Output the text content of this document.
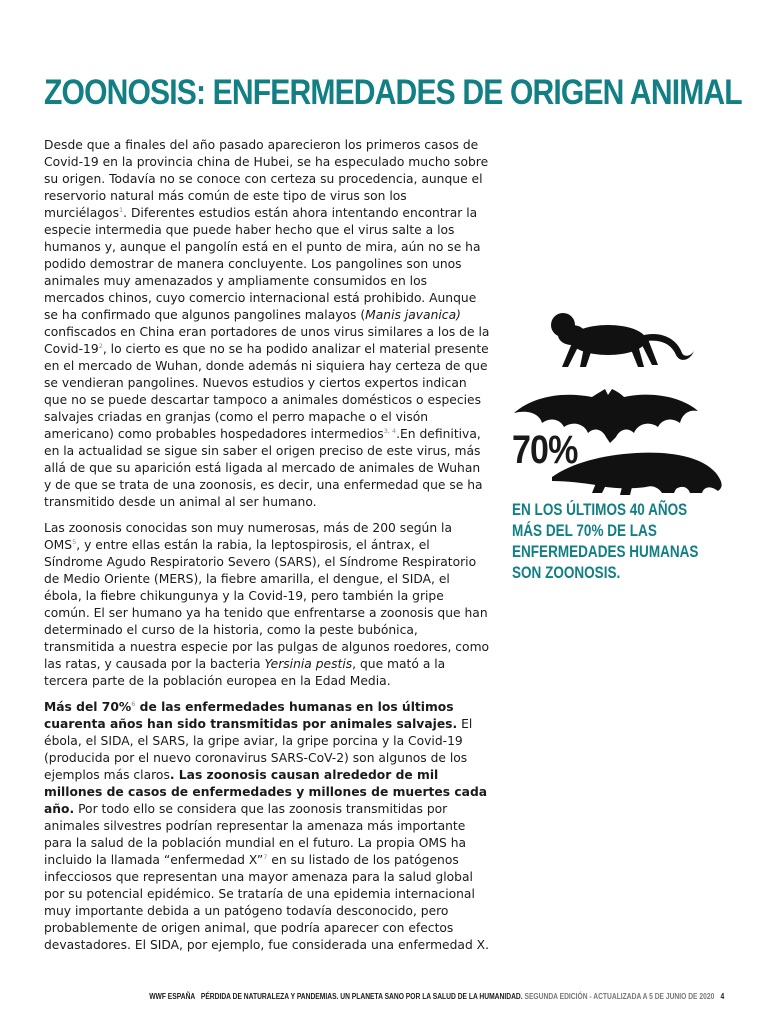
ZOONOSIS: ENFERMEDADES DE ORIGEN ANIMAL

Desde que a finales del año pasado aparecieron los primeros casos de Covid-19 en la provincia china de Hubei, se ha especulado mucho sobre su origen. Todavía no se conoce con certeza su procedencia, aunque el reservorio natural más común de este tipo de virus son los murciélagos$^1$. Diferentes estudios están ahora intentando encontrar la especie intermedia que puede haber hecho que el virus salte a los humanos y, aunque el pangolín está en el punto de mira, aún no se ha podido demostrar de manera concluyente. Los pangolines son unos animales muy amenazados y ampliamente consumidos en los mercados chinos, cuyo comercio internacional está prohibido. Aunque se ha confirmado que algunos pangolines malayos (Manis javanica) confiscados en China eran portadores de unos virus similares a los de la Covid-19$^2$, lo cierto es que no se ha podido analizar el material presente en el mercado de Wuhan, donde además ni siquiera hay certeza de que se vendieran pangolines. Nuevos estudios y ciertos expertos indican que no se puede descartar tampoco a animales domésticos o especies salvajes criadas en granjas (como el perro mapache o el visón americano) como probables hospedadores intermedios$^{3, 4}$.En definitiva, en la actualidad se sigue sin saber el origen preciso de este virus, más allá de que su aparición está ligada al mercado de animales de Wuhan y de que se trata de una zoonosis, es decir, una enfermedad que se ha transmitido desde un animal al ser humano.

Las zoonosis conocidas son muy numerosas, más de 200 según la OMS$^5$, y entre ellas están la rabia, la leptospirosis, el ántrax, el Síndrome Agudo Respiratorio Severo (SARS), el Síndrome Respiratorio de Medio Oriente (MERS), la fiebre amarilla, el dengue, el SIDA, el ébola, la fiebre chikungunya y la Covid-19, pero también la gripe común. El ser humano ya ha tenido que enfrentarse a zoonosis que han determinado el curso de la historia, como la peste bubónica, transmitida a nuestra especie por las pulgas de algunos roedores, como las ratas, y causada por la bacteria Yersinia pestis, que mató a la tercera parte de la población europea en la Edad Media.

Más del 70%$^6$ de las enfermedades humanas en los últimos cuarenta años han sido transmitidas por animales salvajes. El ébola, el SIDA, el SARS, la gripe aviar, la gripe porcina y la Covid-19 (producida por el nuevo coronavirus SARS-CoV-2) son algunos de los ejemplos más claros. Las zoonosis causan alrededor de mil millones de casos de enfermedades y millones de muertes cada año. Por todo ello se considera que las zoonosis transmitidas por animales silvestres podrían representar la amenaza más importante para la salud de la población mundial en el futuro. La propia OMS ha incluido la llamada “enfermedad X”$^7$ en su listado de los patógenos infecciosos que representan una mayor amenaza para la salud global por su potencial epidémico. Se trataría de una epidemia internacional muy importante debida a un patógeno todavía desconocido, pero probablemente de origen animal, que podría aparecer con efectos devastadores. El SIDA, por ejemplo, fue considerada una enfermedad X.

70%

EN LOS ÚLTIMOS 40 AÑOS MÁS DEL 70% DE LAS ENFERMEDADES HUMANAS SON ZOONOSIS.

WWF ESPAÑA PÉRDIDA DE NATURALEZA Y PANDEMIAS. UN PLANETA SANO POR LA SALUD DE LA HUMANIDAD. SEGUNDA EDICIÓN - ACTUALIZADA A 5 DE JUNIO DE 2020 4
